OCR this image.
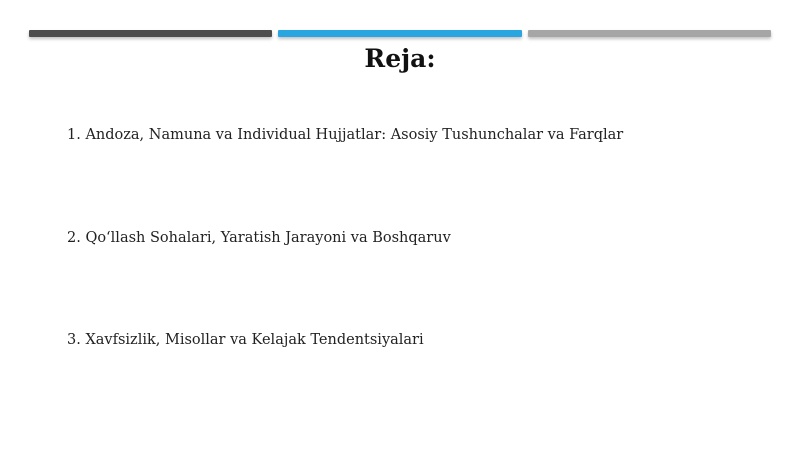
Reja:
1. Andoza, Namuna va Individual Hujjatlar: Asosiy Tushunchalar va Farqlar
2. Qo‘llash Sohalari, Yaratish Jarayoni va Boshqaruv
3. Xavfsizlik, Misollar va Kelajak Tendentsiyalari
